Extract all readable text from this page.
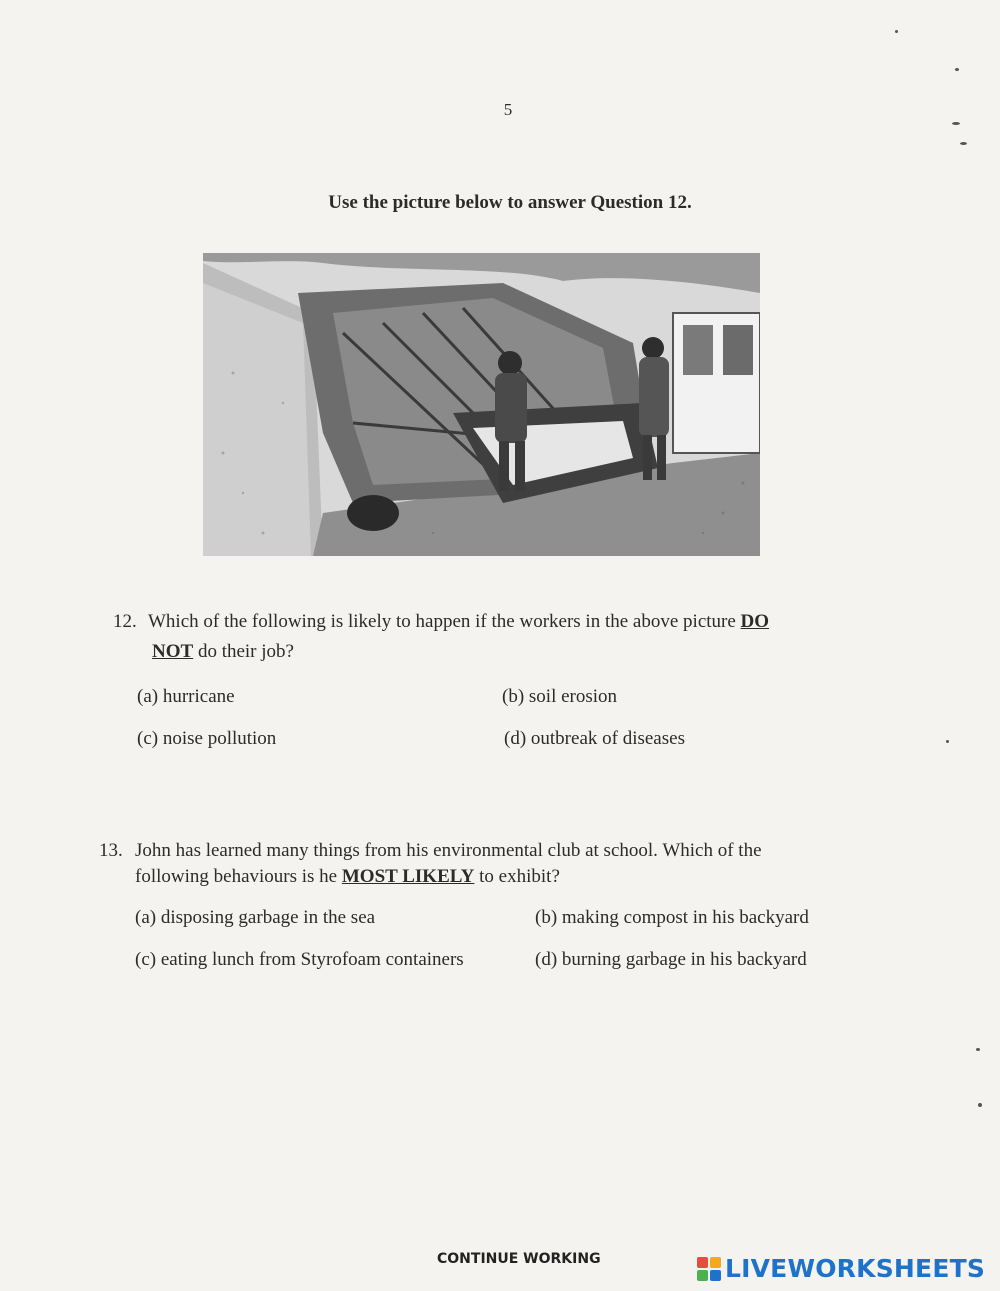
5
Use the picture below to answer Question 12.
12. Which of the following is likely to happen if the workers in the above picture DO
NOT do their job?
(a) hurricane	(b) soil erosion
(c) noise pollution	(d) outbreak of diseases
13. John has learned many things from his environmental club at school. Which of the
following behaviours is he MOST LIKELY to exhibit?
(a) disposing garbage in the sea	(b) making compost in his backyard
(c) eating lunch from Styrofoam containers	(d) burning garbage in his backyard
CONTINUE WORKING	LIVEWORKSHEETS
